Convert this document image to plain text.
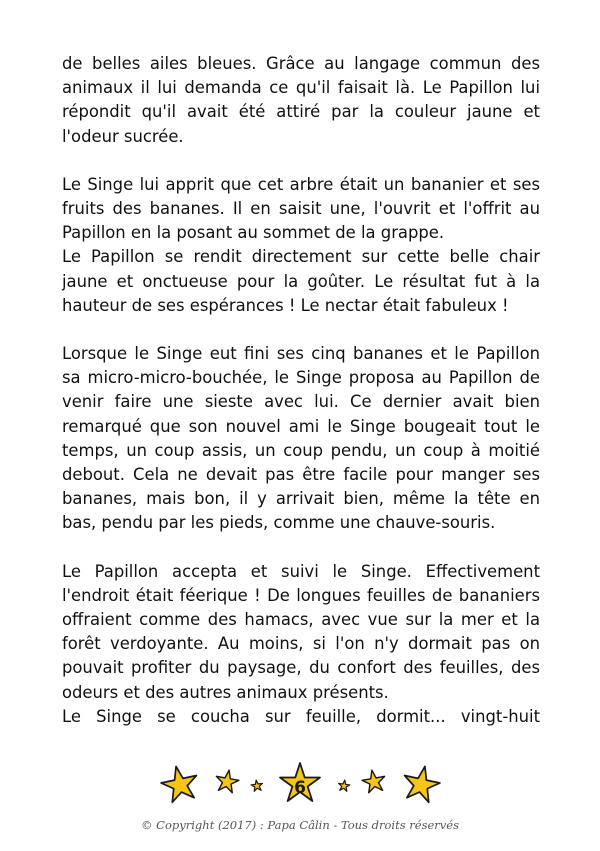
de belles ailes bleues. Grâce au langage commun des animaux il lui demanda ce qu'il faisait là. Le Papillon lui répondit qu'il avait été attiré par la couleur jaune et l'odeur sucrée.

Le Singe lui apprit que cet arbre était un bananier et ses fruits des bananes. Il en saisit une, l'ouvrit et l'offrit au Papillon en la posant au sommet de la grappe.

Le Papillon se rendit directement sur cette belle chair jaune et onctueuse pour la goûter. Le résultat fut à la hauteur de ses espérances ! Le nectar était fabuleux !

Lorsque le Singe eut fini ses cinq bananes et le Papillon sa micro-micro-bouchée, le Singe proposa au Papillon de venir faire une sieste avec lui. Ce dernier avait bien remarqué que son nouvel ami le Singe bougeait tout le temps, un coup assis, un coup pendu, un coup à moitié debout. Cela ne devait pas être facile pour manger ses bananes, mais bon, il y arrivait bien, même la tête en bas, pendu par les pieds, comme une chauve-souris.

Le Papillon accepta et suivi le Singe. Effectivement l'endroit était féerique ! De longues feuilles de bananiers offraient comme des hamacs, avec vue sur la mer et la forêt verdoyante. Au moins, si l'on n'y dormait pas on pouvait profiter du paysage, du confort des feuilles, des odeurs et des autres animaux présents.

Le Singe se coucha sur feuille, dormit... vingt-huit

6
© Copyright (2017) : Papa Câlin - Tous droits réservés
